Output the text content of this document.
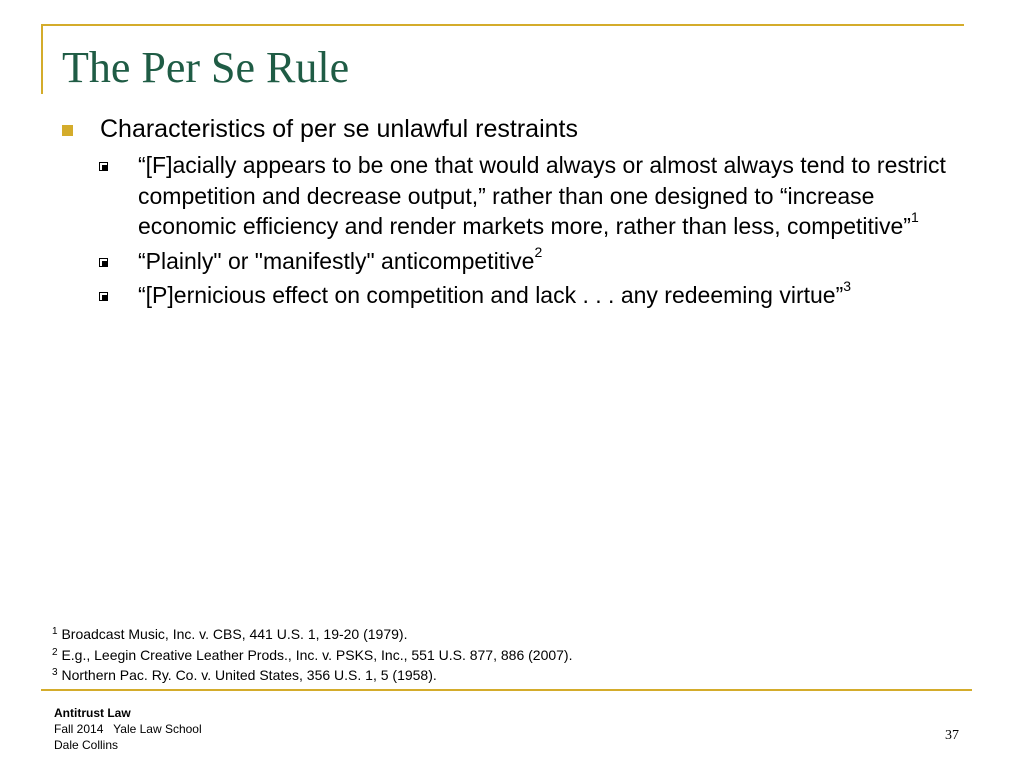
The Per Se Rule
Characteristics of per se unlawful restraints
“[F]acially appears to be one that would always or almost always tend to restrict competition and decrease output,” rather than one designed to “increase economic efficiency and render markets more, rather than less, competitive”$^1$
“Plainly" or "manifestly" anticompetitive$^2$
“[P]ernicious effect on competition and lack . . . any redeeming virtue”$^3$
$^1$ Broadcast Music, Inc. v. CBS, 441 U.S. 1, 19-20 (1979).
$^2$ E.g., Leegin Creative Leather Prods., Inc. v. PSKS, Inc., 551 U.S. 877, 886 (2007).
$^3$ Northern Pac. Ry. Co. v. United States, 356 U.S. 1, 5 (1958).
Antitrust Law
Fall 2014   Yale Law School
Dale Collins
37
